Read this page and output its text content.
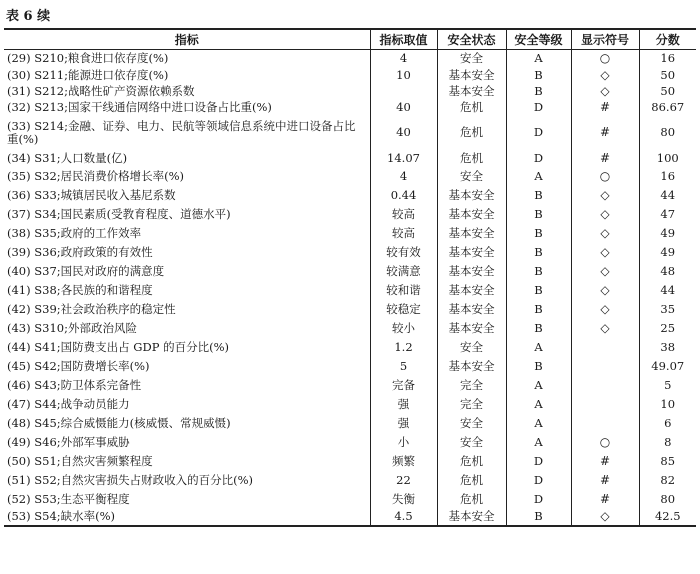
表 6 续
指标	指标取值	安全状态	安全等级	显示符号	分数
(29) S210;粮食进口依存度(%)	4	安全	A	○	16
(30) S211;能源进口依存度(%)	10	基本安全	B	◇	50
(31) S212;战略性矿产资源依赖系数		基本安全	B	◇	50
(32) S213;国家干线通信网络中进口设备占比重(%)	40	危机	D	#	86.67
(33) S214;金融、证券、电力、民航等领域信息系统中进口设备占比重(%)	40	危机	D	#	80
(34) S31;人口数量(亿)	14.07	危机	D	#	100
(35) S32;居民消费价格增长率(%)	4	安全	A	○	16
(36) S33;城镇居民收入基尼系数	0.44	基本安全	B	◇	44
(37) S34;国民素质(受教育程度、道德水平)	较高	基本安全	B	◇	47
(38) S35;政府的工作效率	较高	基本安全	B	◇	49
(39) S36;政府政策的有效性	较有效	基本安全	B	◇	49
(40) S37;国民对政府的满意度	较满意	基本安全	B	◇	48
(41) S38;各民族的和谐程度	较和谐	基本安全	B	◇	44
(42) S39;社会政治秩序的稳定性	较稳定	基本安全	B	◇	35
(43) S310;外部政治风险	较小	基本安全	B	◇	25
(44) S41;国防费支出占 GDP 的百分比(%)	1.2	安全	A		38
(45) S42;国防费增长率(%)	5	基本安全	B		49.07
(46) S43;防卫体系完备性	完备	完全	A		5
(47) S44;战争动员能力	强	完全	A		10
(48) S45;综合威慑能力(核威慑、常规威慑)	强	安全	A		6
(49) S46;外部军事威胁	小	安全	A	○	8
(50) S51;自然灾害频繁程度	频繁	危机	D	#	85
(51) S52;自然灾害损失占财政收入的百分比(%)	22	危机	D	#	82
(52) S53;生态平衡程度	失衡	危机	D	#	80
(53) S54;缺水率(%)	4.5	基本安全	B	◇	42.5
